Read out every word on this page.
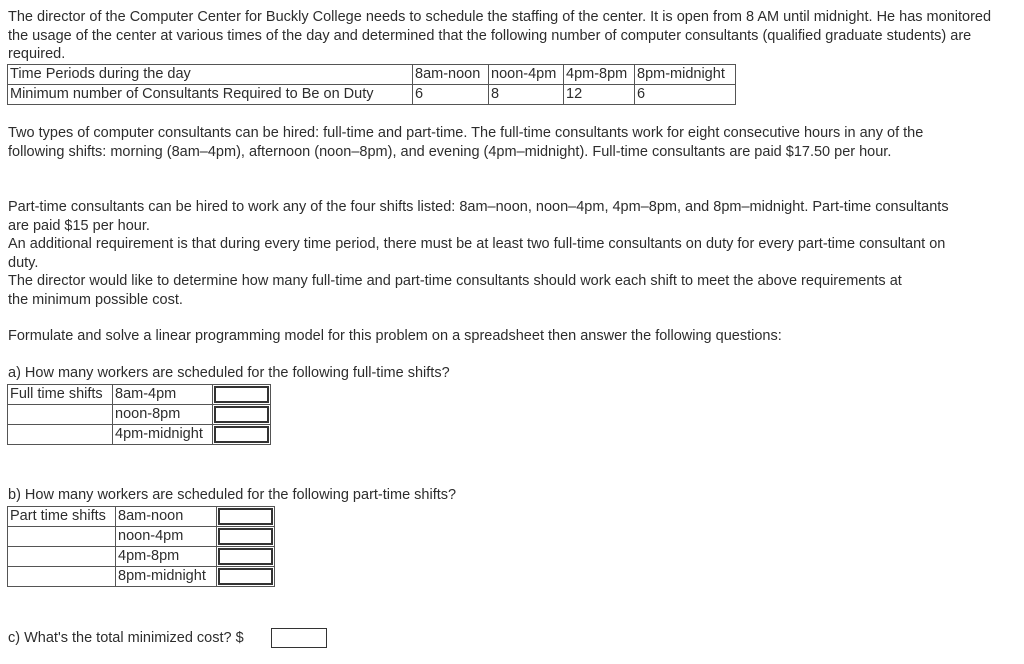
The director of the Computer Center for Buckly College needs to schedule the staffing of the center. It is open from 8 AM until midnight. He has monitored the usage of the center at various times of the day and determined that the following number of computer consultants (qualified graduate students) are required.

Time Periods during the day	8am-noon	noon-4pm	4pm-8pm	8pm-midnight
Minimum number of Consultants Required to Be on Duty	6	8	12	6

Two types of computer consultants can be hired: full-time and part-time. The full-time consultants work for eight consecutive hours in any of the following shifts: morning (8am–4pm), afternoon (noon–8pm), and evening (4pm–midnight). Full-time consultants are paid $17.50 per hour.

Part-time consultants can be hired to work any of the four shifts listed: 8am–noon, noon–4pm, 4pm–8pm, and 8pm–midnight. Part-time consultants are paid $15 per hour.

An additional requirement is that during every time period, there must be at least two full-time consultants on duty for every part-time consultant on duty.

The director would like to determine how many full-time and part-time consultants should work each shift to meet the above requirements at the minimum possible cost.

Formulate and solve a linear programming model for this problem on a spreadsheet then answer the following questions:

a) How many workers are scheduled for the following full-time shifts?

Full time shifts	8am-4pm	

	noon-8pm	

	4pm-midnight	

b) How many workers are scheduled for the following part-time shifts?

Part time shifts	8am-noon	

	noon-4pm	

	4pm-8pm	

	8pm-midnight	

c) What's the total minimized cost? $
